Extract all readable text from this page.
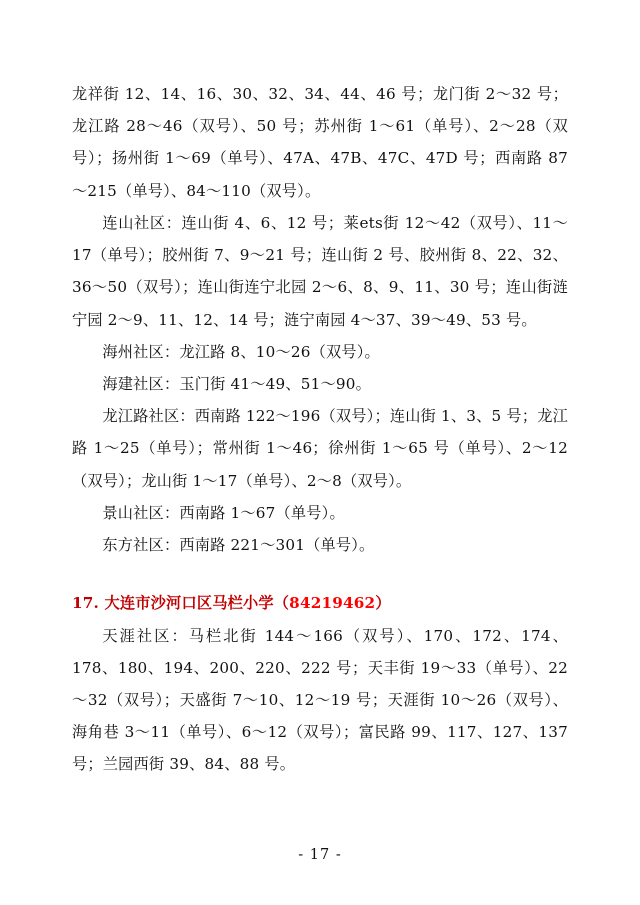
龙祥街 12、14、16、30、32、34、44、46 号；龙门街 2～32 号；龙江路 28～46（双号）、50 号；苏州街 1～61（单号）、2～28（双号）；扬州街 1～69（单号）、47A、47B、47C、47D 号；西南路 87～215（单号）、84～110（双号）。

连山社区：连山街 4、6、12 号；莱ets街 12～42（双号）、11～17（单号）；胶州街 7、9～21 号；连山街 2 号、胶州街 8、22、32、36～50（双号）；连山街连宁北园 2～6、8、9、11、30 号；连山街涟宁园 2～9、11、12、14 号；涟宁南园 4～37、39～49、53 号。

海州社区：龙江路 8、10～26（双号）。

海建社区：玉门街 41～49、51～90。

龙江路社区：西南路 122～196（双号）；连山街 1、3、5 号；龙江路 1～25（单号）；常州街 1～46；徐州街 1～65 号（单号）、2～12（双号）；龙山街 1～17（单号）、2～8（双号）。

景山社区：西南路 1～67（单号）。

东方社区：西南路 221～301（单号）。

17. 大连市沙河口区马栏小学（84219462）

天涯社区：马栏北街 144～166（双号）、170、172、174、178、180、194、200、220、222 号；天丰街 19～33（单号）、22～32（双号）；天盛街 7～10、12～19 号；天涯街 10～26（双号）、海角巷 3～11（单号）、6～12（双号）；富民路 99、117、127、137 号；兰园西街 39、84、88 号。

- 17 -
